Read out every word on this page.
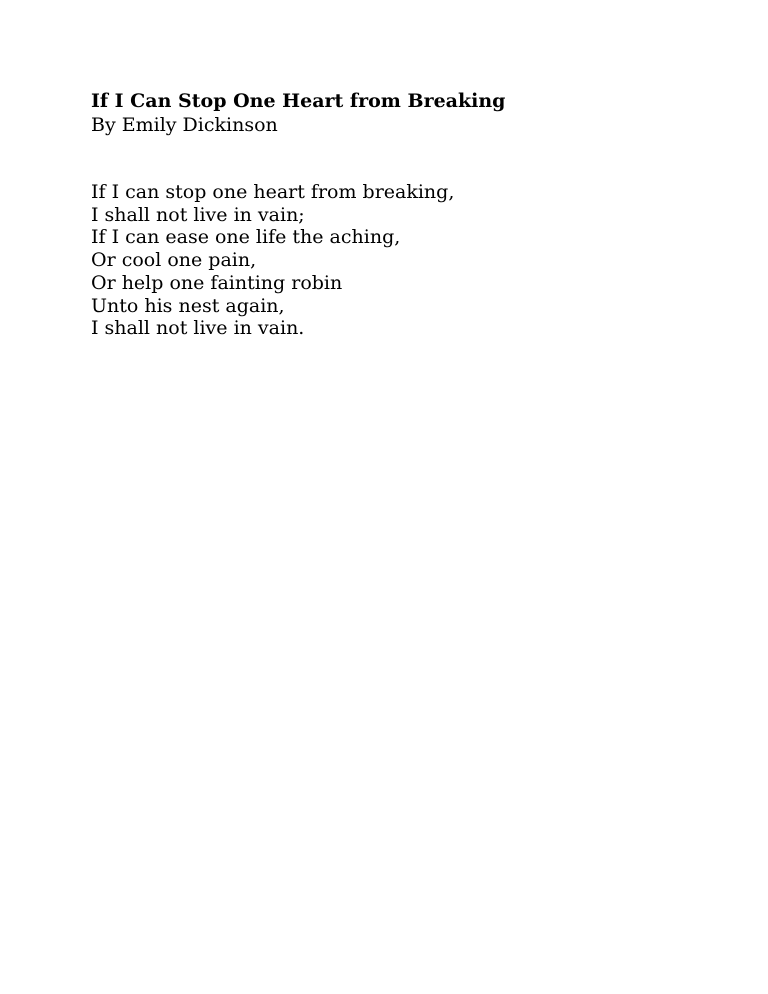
If I Can Stop One Heart from Breaking

By Emily Dickinson

If I can stop one heart from breaking,

I shall not live in vain;

If I can ease one life the aching,

Or cool one pain,

Or help one fainting robin

Unto his nest again,

I shall not live in vain.
